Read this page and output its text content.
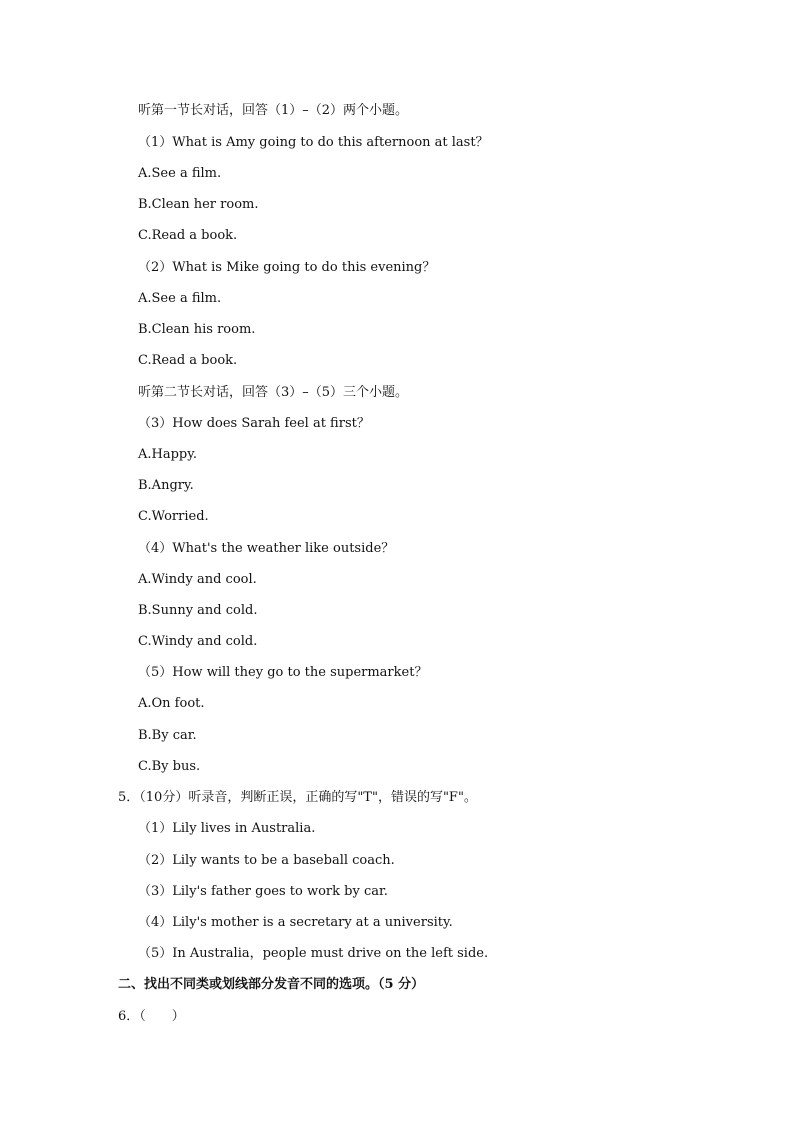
听第一节长对话，回答（1）–（2）两个小题。
（1）What is Amy going to do this afternoon at last？
A.See a film.
B.Clean her room.
C.Read a book.
（2）What is Mike going to do this evening？
A.See a film.
B.Clean his room.
C.Read a book.
听第二节长对话，回答（3）–（5）三个小题。
（3）How does Sarah feel at first？
A.Happy.
B.Angry.
C.Worried.
（4）What's the weather like outside？
A.Windy and cool.
B.Sunny and cold.
C.Windy and cold.
（5）How will they go to the supermarket？
A.On foot.
B.By car.
C.By bus.
5．（10分）听录音，判断正误，正确的写"T"，错误的写"F"。
（1）Lily lives in Australia.
（2）Lily wants to be a baseball coach.
（3）Lily's father goes to work by car.
（4）Lily's mother is a secretary at a university.
（5）In Australia，people must drive on the left side.
二、找出不同类或划线部分发音不同的选项。（5 分）
6．（　　）
